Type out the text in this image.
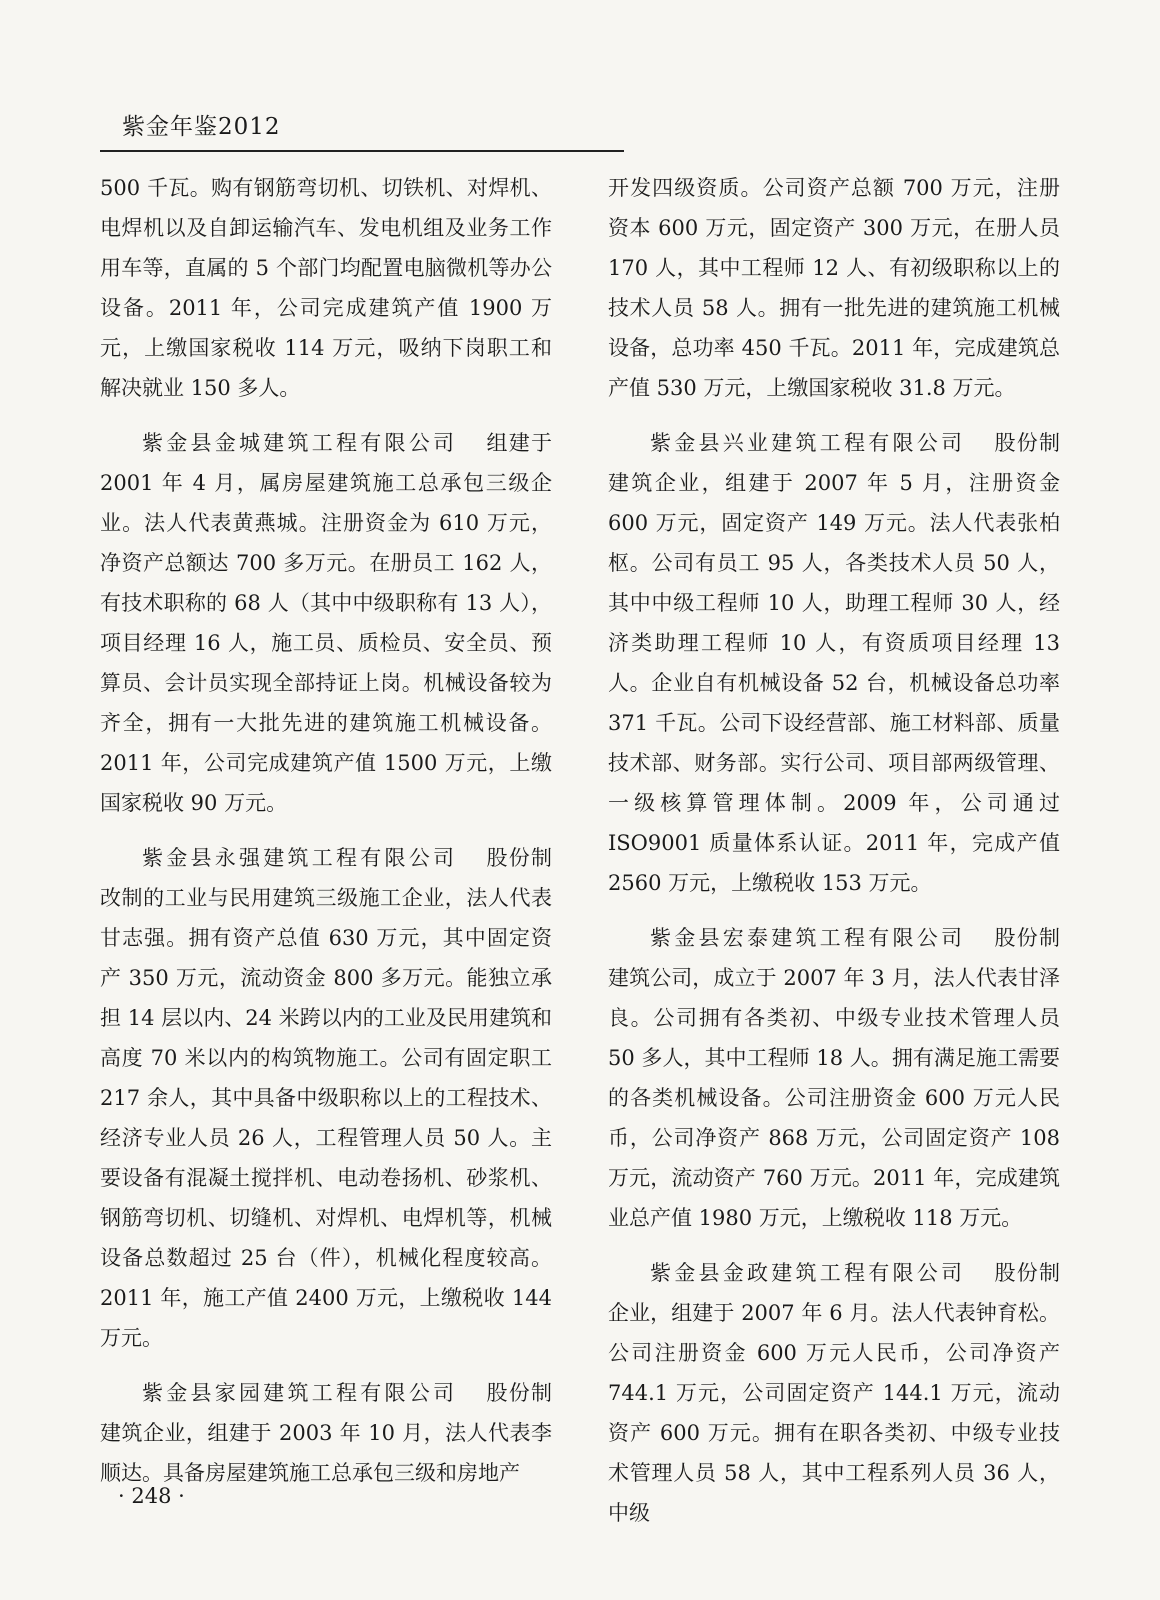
紫金年鉴2012

500 千瓦。购有钢筋弯切机、切铁机、对焊机、电焊机以及自卸运输汽车、发电机组及业务工作用车等，直属的 5 个部门均配置电脑微机等办公设备。2011 年，公司完成建筑产值 1900 万元，上缴国家税收 114 万元，吸纳下岗职工和解决就业 150 多人。

紫金县金城建筑工程有限公司 组建于 2001 年 4 月，属房屋建筑施工总承包三级企业。法人代表黄燕城。注册资金为 610 万元，净资产总额达 700 多万元。在册员工 162 人，有技术职称的 68 人（其中中级职称有 13 人），项目经理 16 人，施工员、质检员、安全员、预算员、会计员实现全部持证上岗。机械设备较为齐全，拥有一大批先进的建筑施工机械设备。2011 年，公司完成建筑产值 1500 万元，上缴国家税收 90 万元。

紫金县永强建筑工程有限公司 股份制改制的工业与民用建筑三级施工企业，法人代表甘志强。拥有资产总值 630 万元，其中固定资产 350 万元，流动资金 800 多万元。能独立承担 14 层以内、24 米跨以内的工业及民用建筑和高度 70 米以内的构筑物施工。公司有固定职工 217 余人，其中具备中级职称以上的工程技术、经济专业人员 26 人，工程管理人员 50 人。主要设备有混凝土搅拌机、电动卷扬机、砂浆机、钢筋弯切机、切缝机、对焊机、电焊机等，机械设备总数超过 25 台（件），机械化程度较高。2011 年，施工产值 2400 万元，上缴税收 144 万元。

紫金县家园建筑工程有限公司 股份制建筑企业，组建于 2003 年 10 月，法人代表李顺达。具备房屋建筑施工总承包三级和房地产

开发四级资质。公司资产总额 700 万元，注册资本 600 万元，固定资产 300 万元，在册人员 170 人，其中工程师 12 人、有初级职称以上的技术人员 58 人。拥有一批先进的建筑施工机械设备，总功率 450 千瓦。2011 年，完成建筑总产值 530 万元，上缴国家税收 31.8 万元。

紫金县兴业建筑工程有限公司 股份制建筑企业，组建于 2007 年 5 月，注册资金 600 万元，固定资产 149 万元。法人代表张柏枢。公司有员工 95 人，各类技术人员 50 人，其中中级工程师 10 人，助理工程师 30 人，经济类助理工程师 10 人，有资质项目经理 13 人。企业自有机械设备 52 台，机械设备总功率 371 千瓦。公司下设经营部、施工材料部、质量技术部、财务部。实行公司、项目部两级管理、一级核算管理体制。2009 年，公司通过 ISO9001 质量体系认证。2011 年，完成产值 2560 万元，上缴税收 153 万元。

紫金县宏泰建筑工程有限公司 股份制建筑公司，成立于 2007 年 3 月，法人代表甘泽良。公司拥有各类初、中级专业技术管理人员 50 多人，其中工程师 18 人。拥有满足施工需要的各类机械设备。公司注册资金 600 万元人民币，公司净资产 868 万元，公司固定资产 108 万元，流动资产 760 万元。2011 年，完成建筑业总产值 1980 万元，上缴税收 118 万元。

紫金县金政建筑工程有限公司 股份制企业，组建于 2007 年 6 月。法人代表钟育松。公司注册资金 600 万元人民币，公司净资产 744.1 万元，公司固定资产 144.1 万元，流动资产 600 万元。拥有在职各类初、中级专业技术管理人员 58 人，其中工程系列人员 36 人，中级

· 248 ·
